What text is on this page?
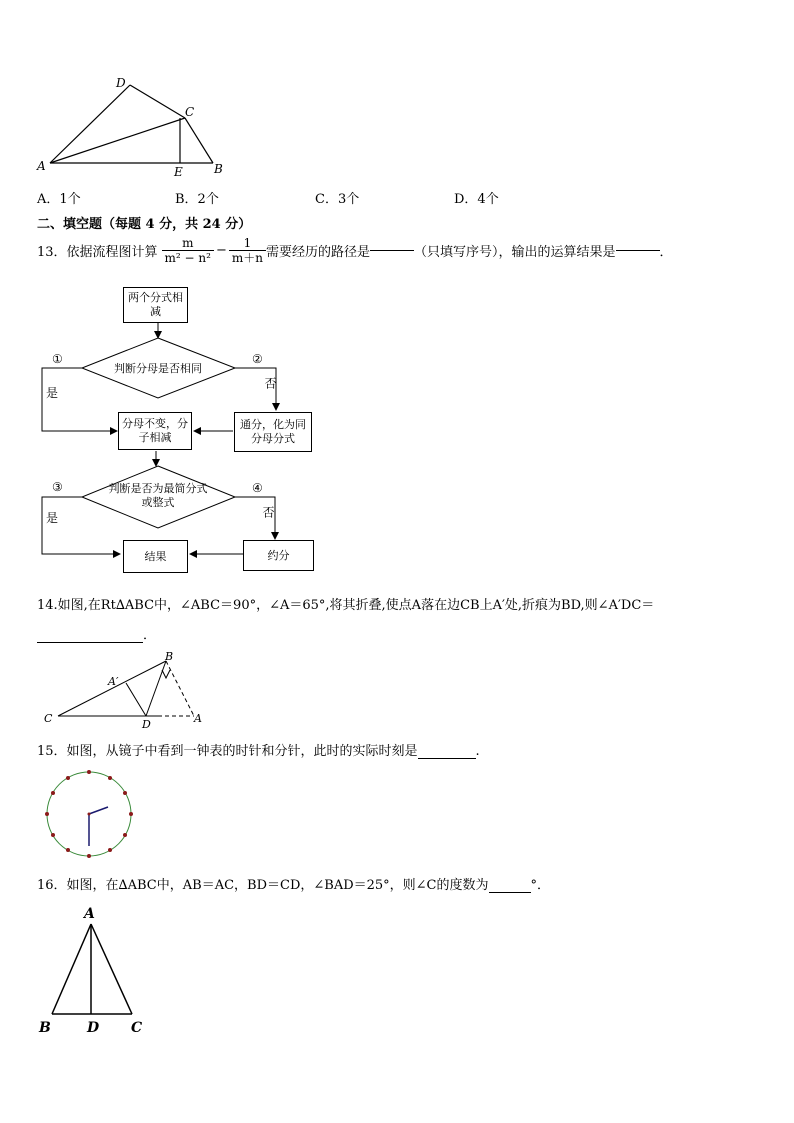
D
C
A	E	B
A．1个	B．2个	C．3个	D．4个
二、填空题（每题 4 分，共 24 分）
13．依据流程图计算 $\frac{m}{\text{m² − n²}} - \frac{1}{m+n}$ 需要经历的路径是	（只填写序号），输出的运算结果是	．
两个分式相减
判断分母是否相同
分母不变，分子相减
通分，化为同分母分式
判断是否为最简分式或整式
结果	约分
①	②
是
否
③	④
是	否
14.如图,在Rt∆ABC中，∠ABC＝90°，∠A＝65°,将其折叠,使点A落在边CB上A′处,折痕为BD,则∠A′DC＝
．
B
A′
C	D	A
15．如图，从镜子中看到一钟表的时针和分针，此时的实际时刻是	.
16．如图，在∆ABC中，AB＝AC，BD＝CD，∠BAD＝25°，则∠C的度数为	°．
A
B	D C
